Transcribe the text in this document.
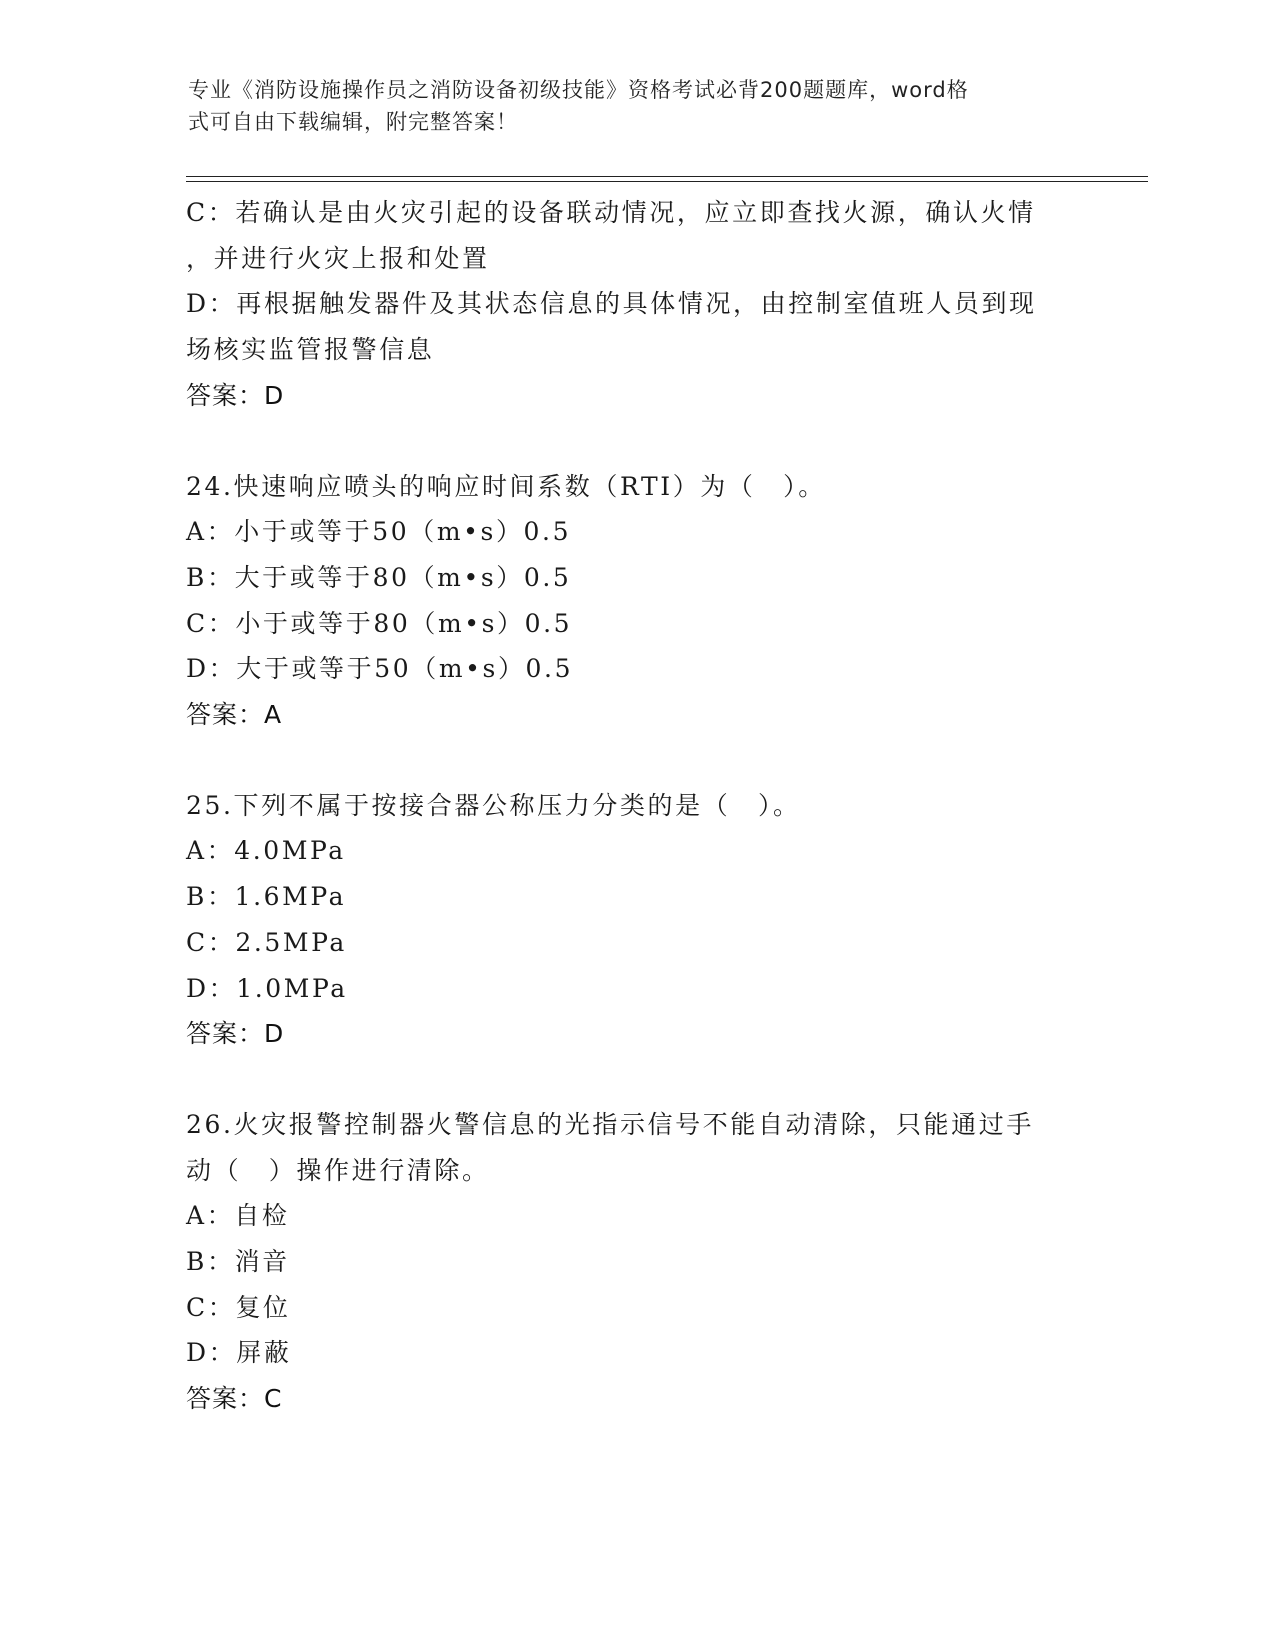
专业《消防设施操作员之消防设备初级技能》资格考试必背200题题库，word格
式可自由下载编辑，附完整答案！
C：若确认是由火灾引起的设备联动情况，应立即查找火源，确认火情
，并进行火灾上报和处置
D：再根据触发器件及其状态信息的具体情况，由控制室值班人员到现
场核实监管报警信息
答案：D
24.快速响应喷头的响应时间系数（RTI）为（　）。
A：小于或等于50（m•s）0.5
B：大于或等于80（m•s）0.5
C：小于或等于80（m•s）0.5
D：大于或等于50（m•s）0.5
答案：A
25.下列不属于按接合器公称压力分类的是（　）。
A：4.0MPa
B：1.6MPa
C：2.5MPa
D：1.0MPa
答案：D
26.火灾报警控制器火警信息的光指示信号不能自动清除，只能通过手
动（　）操作进行清除。
A：自检
B：消音
C：复位
D：屏蔽
答案：C
